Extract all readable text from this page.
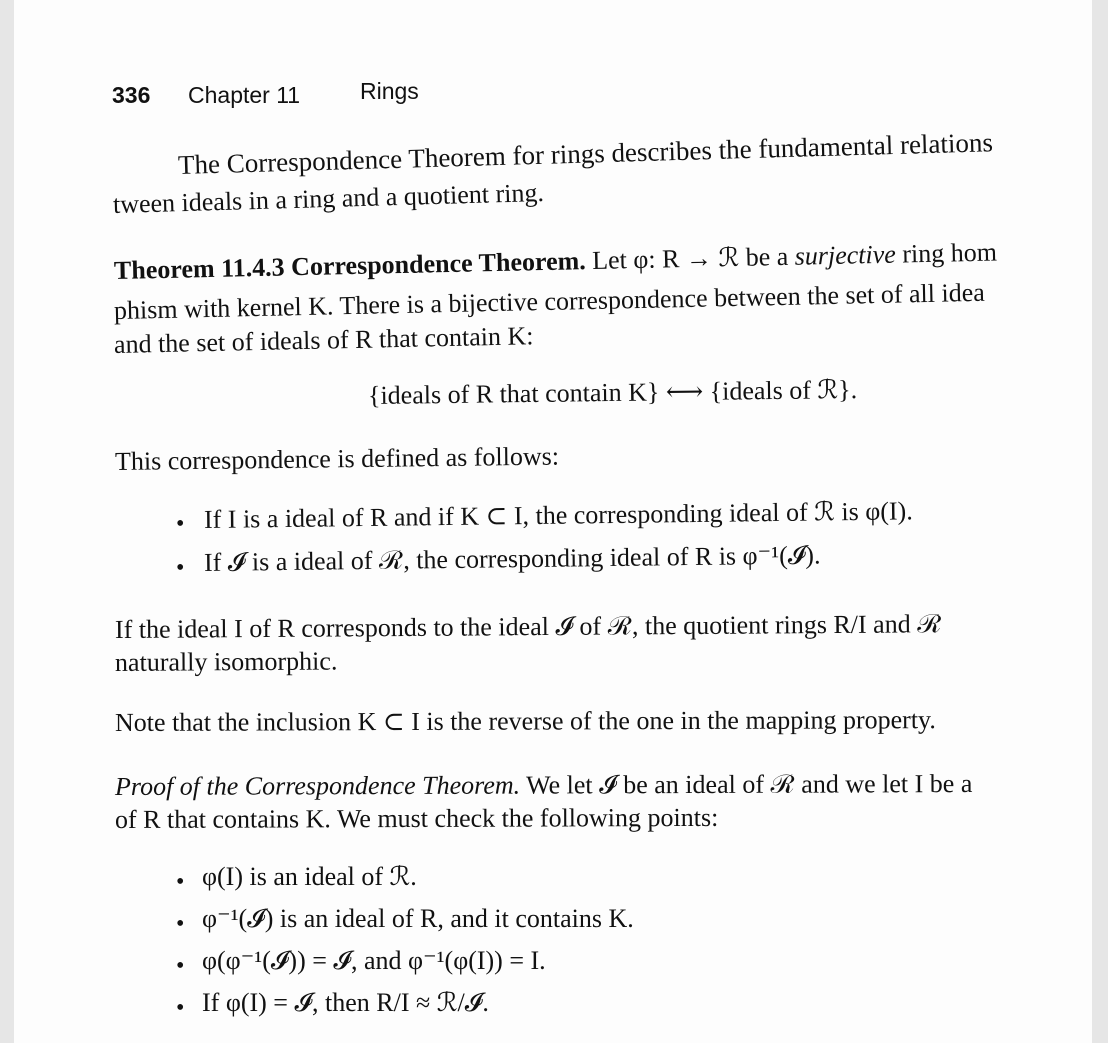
336 Chapter 11	Rings
The Correspondence Theorem for rings describes the fundamental relations
tween ideals in a ring and a quotient ring.
Theorem 11.4.3 Correspondence Theorem. Let φ: R → ℛ be a surjective ring hom
phism with kernel K. There is a bijective correspondence between the set of all idea
and the set of ideals of R that contain K:
{ideals of R that contain K} ⟷ {ideals of ℛ}.
This correspondence is defined as follows:
• If I is a ideal of R and if K ⊂ I, the corresponding ideal of ℛ is φ(I).
• If 𝓘 is a ideal of ℛ, the corresponding ideal of R is φ⁻¹(𝓘).
If the ideal I of R corresponds to the ideal 𝓘 of ℛ, the quotient rings R/I and ℛ
naturally isomorphic.
Note that the inclusion K ⊂ I is the reverse of the one in the mapping property.
Proof of the Correspondence Theorem. We let 𝓘 be an ideal of ℛ and we let I be a
of R that contains K. We must check the following points:
• φ(I) is an ideal of ℛ.
• φ⁻¹(𝓘) is an ideal of R, and it contains K.
• φ(φ⁻¹(𝓘)) = 𝓘, and φ⁻¹(φ(I)) = I.
• If φ(I) = 𝓘, then R/I ≈ ℛ/𝓘.
